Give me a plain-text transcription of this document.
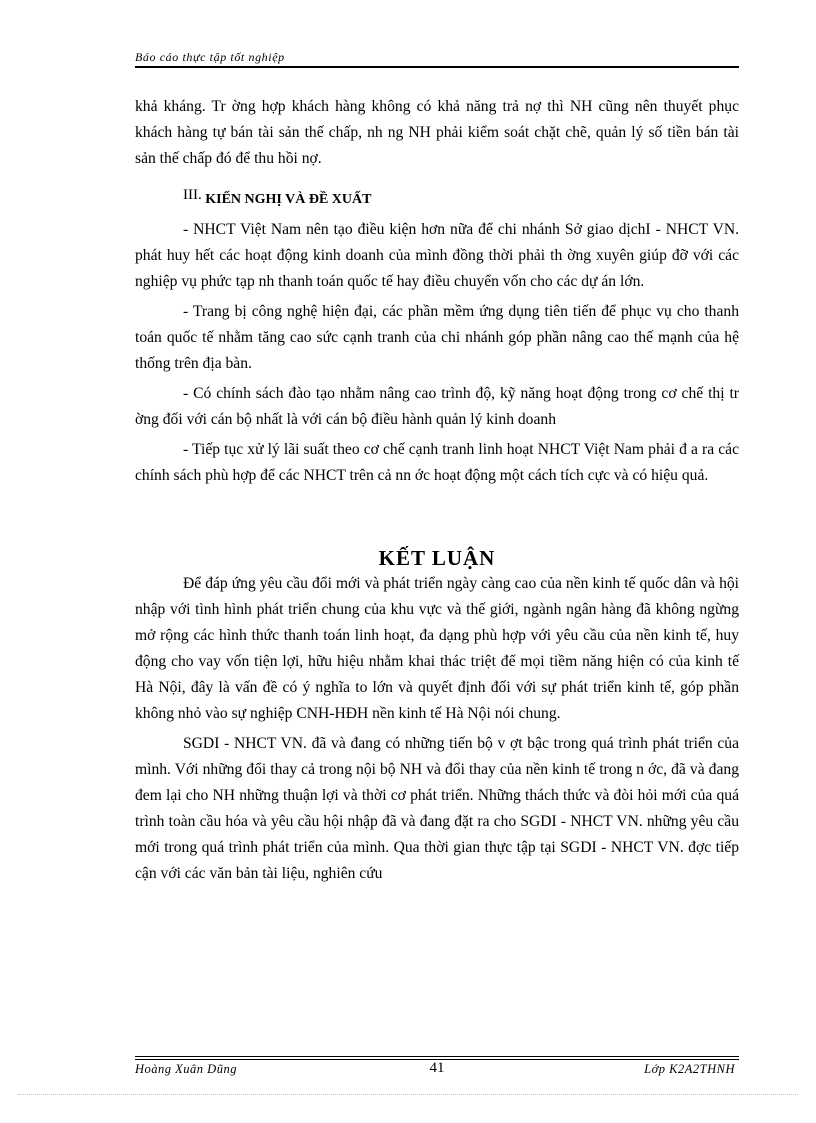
Báo cáo thực tập tốt nghiệp

khả kháng. Tr ờng hợp khách hàng không có khả năng trả nợ thì NH cũng nên thuyết phục khách hàng tự bán tài sản thế chấp, nh ng NH phải kiểm soát chặt chẽ, quản lý số tiền bán tài sản thế chấp đó để thu hồi nợ.

III. KIẾN NGHỊ VÀ ĐỀ XUẤT

- NHCT Việt Nam nên tạo điều kiện hơn nữa để chi nhánh Sở giao dịchI - NHCT VN. phát huy hết các hoạt động kinh doanh của mình đồng thời phải th ờng xuyên giúp đỡ với các nghiệp vụ phức tạp nh thanh toán quốc tế hay điều chuyển vốn cho các dự án lớn.

- Trang bị công nghệ hiện đại, các phần mềm ứng dụng tiên tiến để phục vụ cho thanh toán quốc tế nhằm tăng cao sức cạnh tranh của chi nhánh góp phần nâng cao thế mạnh của hệ thống trên địa bàn.

- Có chính sách đào tạo nhằm nâng cao trình độ, kỹ năng hoạt động trong cơ chế thị tr ờng đối với cán bộ nhất là với cán bộ điều hành quản lý kinh doanh

- Tiếp tục xử lý lãi suất theo cơ chế cạnh tranh linh hoạt NHCT Việt Nam phải đ a ra các chính sách phù hợp để các NHCT trên cả nn ớc hoạt động một cách tích cực và có hiệu quả.

KẾT LUẬN

Để đáp ứng yêu cầu đổi mới và phát triển ngày càng cao của nền kinh tế quốc dân và hội nhập với tình hình phát triển chung của khu vực và thế giới, ngành ngân hàng đã không ngừng mở rộng các hình thức thanh toán linh hoạt, đa dạng phù hợp với yêu cầu của nền kinh tế, huy động cho vay vốn tiện lợi, hữu hiệu nhằm khai thác triệt để mọi tiềm năng hiện có của kinh tế Hà Nội, đây là vấn đề có ý nghĩa to lớn và quyết định đối với sự phát triển kinh tế, góp phần không nhỏ vào sự nghiệp CNH-HĐH nền kinh tế Hà Nội nói chung.

SGDI - NHCT VN. đã và đang có những tiến bộ v ợt bậc trong quá trình phát triển của mình. Với những đổi thay cả trong nội bộ NH và đổi thay của nền kinh tế trong n ớc, đã và đang đem lại cho NH những thuận lợi và thời cơ phát triển. Những thách thức và đòi hỏi mới của quá trình toàn cầu hóa và yêu cầu hội nhập đã và đang đặt ra cho SGDI - NHCT VN. những yêu cầu mới trong quá trình phát triển của mình. Qua thời gian thực tập tại SGDI - NHCT VN. đợc tiếp cận với các văn bản tài liệu, nghiên cứu

Hoàng Xuân Dũng	41	Lớp K2A2THNH
